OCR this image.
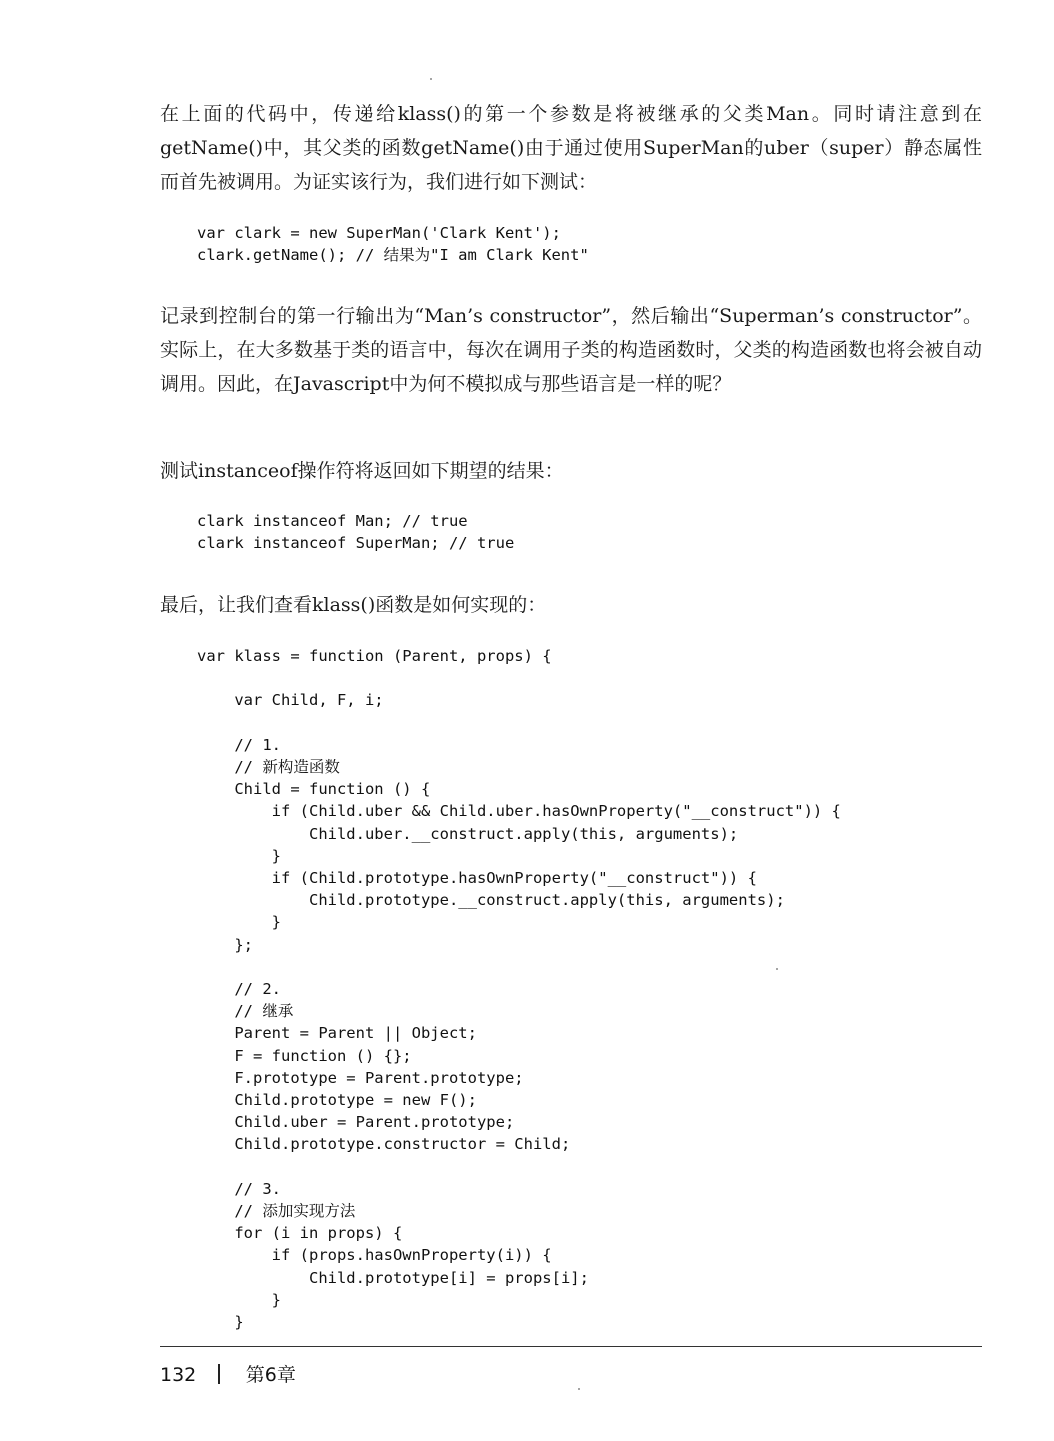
在上面的代码中，传递给klass()的第一个参数是将被继承的父类Man。同时请注意到在getName()中，其父类的函数getName()由于通过使用SuperMan的uber（super）静态属性而首先被调用。为证实该行为，我们进行如下测试：

var clark = new SuperMan('Clark Kent');
clark.getName(); // 结果为"I am Clark Kent"

记录到控制台的第一行输出为“Man’s constructor”，然后输出“Superman’s constructor”。实际上，在大多数基于类的语言中，每次在调用子类的构造函数时，父类的构造函数也将会被自动调用。因此，在Javascript中为何不模拟成与那些语言是一样的呢？

测试instanceof操作符将返回如下期望的结果：

clark instanceof Man; // true
clark instanceof SuperMan; // true

最后，让我们查看klass()函数是如何实现的：

var klass = function (Parent, props) {

var Child, F, i;

// 1.
// 新构造函数
Child = function () {
if (Child.uber && Child.uber.hasOwnProperty("__construct")) {
Child.uber.__construct.apply(this, arguments);
}
if (Child.prototype.hasOwnProperty("__construct")) {
Child.prototype.__construct.apply(this, arguments);
}
};

// 2.
// 继承
Parent = Parent || Object;
F = function () {};
F.prototype = Parent.prototype;
Child.prototype = new F();
Child.uber = Parent.prototype;
Child.prototype.constructor = Child;

// 3.
// 添加实现方法
for (i in props) {
if (props.hasOwnProperty(i)) {
Child.prototype[i] = props[i];
}
}
132	第6章
